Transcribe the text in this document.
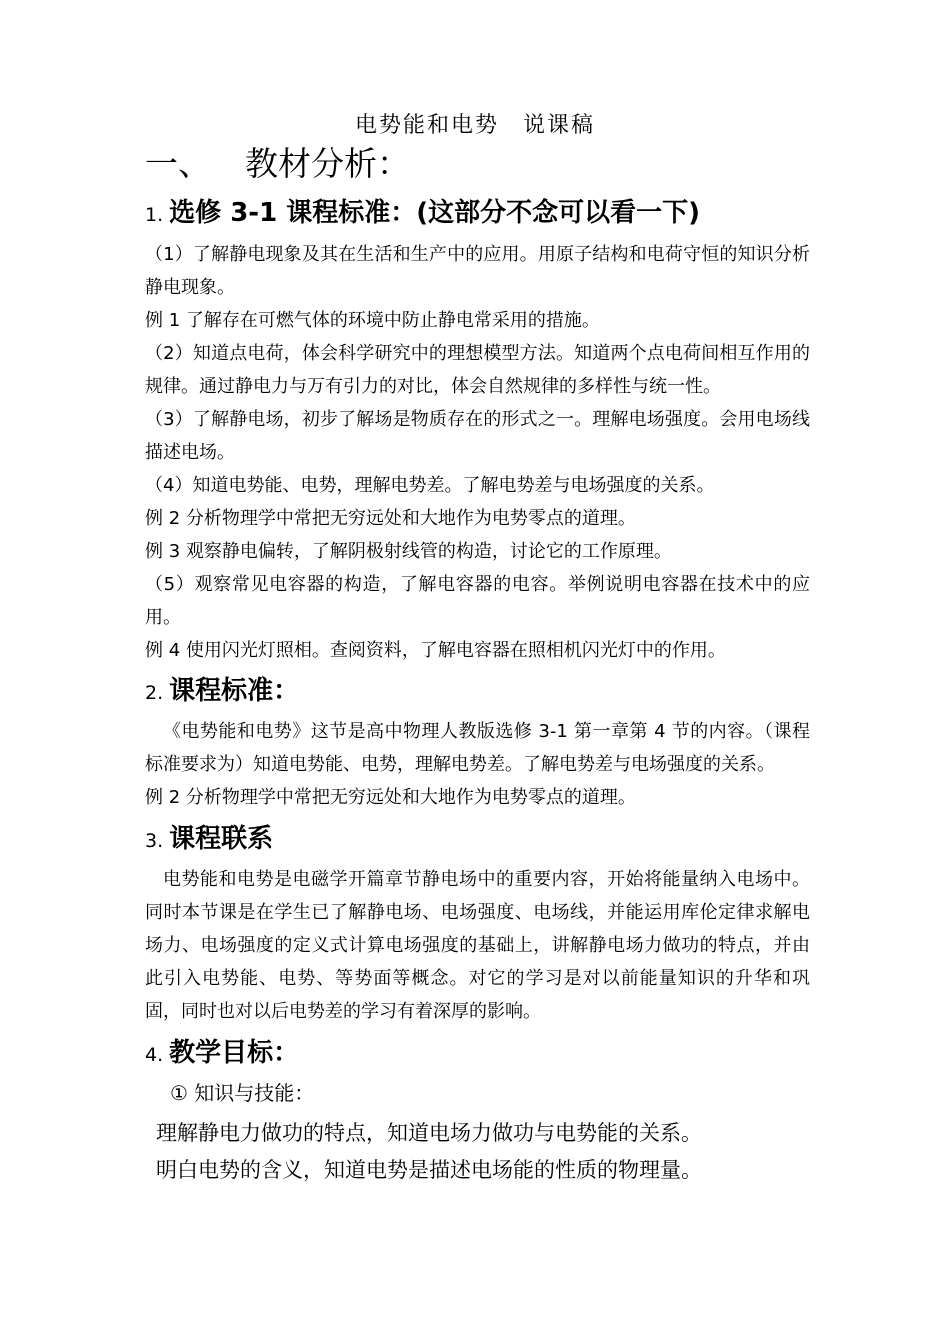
电势能和电势　说课稿
一、 教材分析：
1. 选修 3-1 课程标准：(这部分不念可以看一下)

（1）了解静电现象及其在生活和生产中的应用。用原子结构和电荷守恒的知识分析静电现象。

例 1 了解存在可燃气体的环境中防止静电常采用的措施。

（2）知道点电荷，体会科学研究中的理想模型方法。知道两个点电荷间相互作用的规律。通过静电力与万有引力的对比，体会自然规律的多样性与统一性。

（3）了解静电场，初步了解场是物质存在的形式之一。理解电场强度。会用电场线描述电场。

（4）知道电势能、电势，理解电势差。了解电势差与电场强度的关系。

例 2 分析物理学中常把无穷远处和大地作为电势零点的道理。

例 3 观察静电偏转，了解阴极射线管的构造，讨论它的工作原理。

（5）观察常见电容器的构造，了解电容器的电容。举例说明电容器在技术中的应用。

例 4 使用闪光灯照相。查阅资料，了解电容器在照相机闪光灯中的作用。

2. 课程标准：

《电势能和电势》这节是高中物理人教版选修 3-1 第一章第 4 节的内容。（课程标准要求为）知道电势能、电势，理解电势差。了解电势差与电场强度的关系。

例 2 分析物理学中常把无穷远处和大地作为电势零点的道理。

3. 课程联系

电势能和电势是电磁学开篇章节静电场中的重要内容，开始将能量纳入电场中。同时本节课是在学生已了解静电场、电场强度、电场线，并能运用库伦定律求解电场力、电场强度的定义式计算电场强度的基础上，讲解静电场力做功的特点，并由此引入电势能、电势、等势面等概念。对它的学习是对以前能量知识的升华和巩固，同时也对以后电势差的学习有着深厚的影响。

4. 教学目标：

① 知识与技能：

理解静电力做功的特点，知道电场力做功与电势能的关系。

明白电势的含义，知道电势是描述电场能的性质的物理量。
